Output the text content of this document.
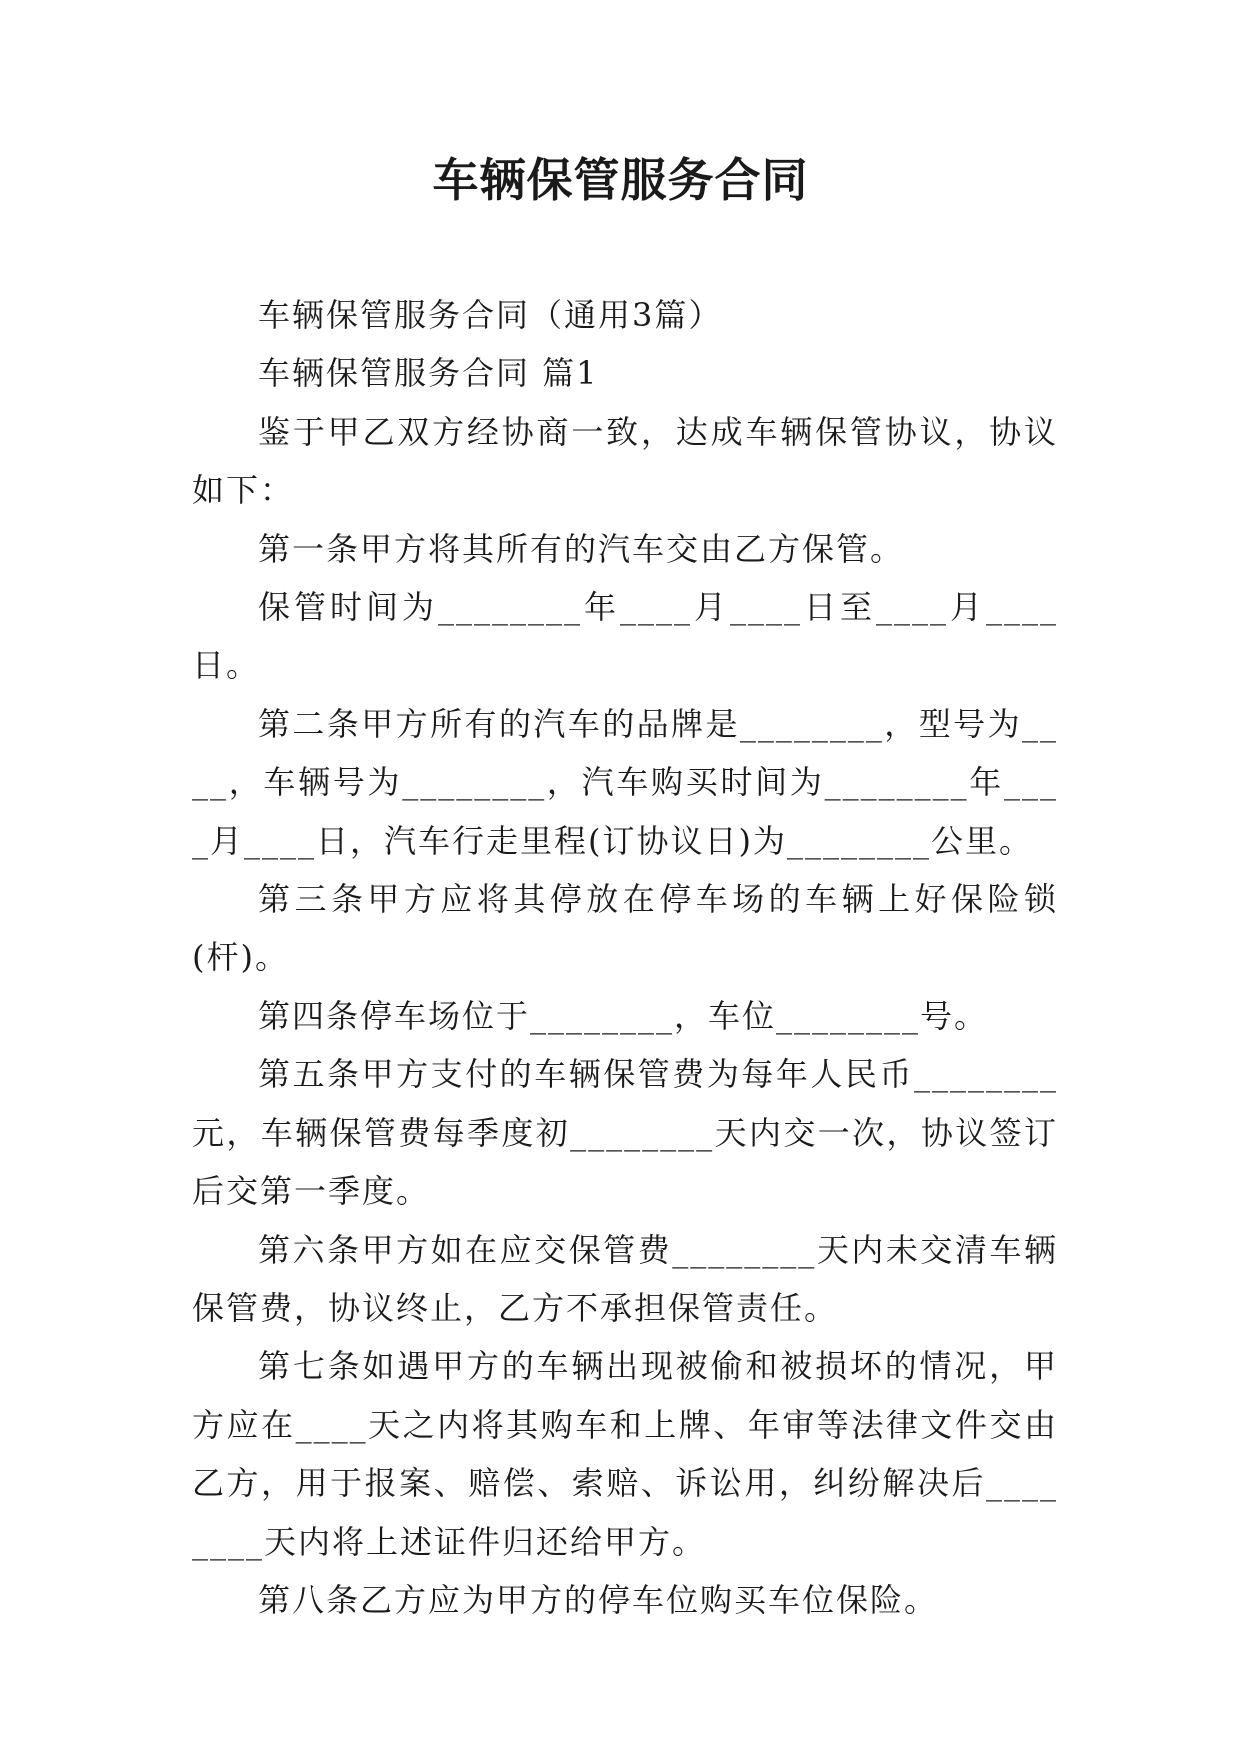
车辆保管服务合同

车辆保管服务合同（通用3篇）

车辆保管服务合同 篇1

鉴于甲乙双方经协商一致，达成车辆保管协议，协议如下：

第一条甲方将其所有的汽车交由乙方保管。

保管时间为________年____月____日至____月____日。

第二条甲方所有的汽车的品牌是________，型号为____，车辆号为________，汽车购买时间为________年____月____日，汽车行走里程(订协议日)为________公里。

第三条甲方应将其停放在停车场的车辆上好保险锁(杆)。

第四条停车场位于________，车位________号。

第五条甲方支付的车辆保管费为每年人民币________元，车辆保管费每季度初________天内交一次，协议签订后交第一季度。

第六条甲方如在应交保管费________天内未交清车辆保管费，协议终止，乙方不承担保管责任。

第七条如遇甲方的车辆出现被偷和被损坏的情况，甲方应在____天之内将其购车和上牌、年审等法律文件交由乙方，用于报案、赔偿、索赔、诉讼用，纠纷解决后________天内将上述证件归还给甲方。

第八条乙方应为甲方的停车位购买车位保险。
